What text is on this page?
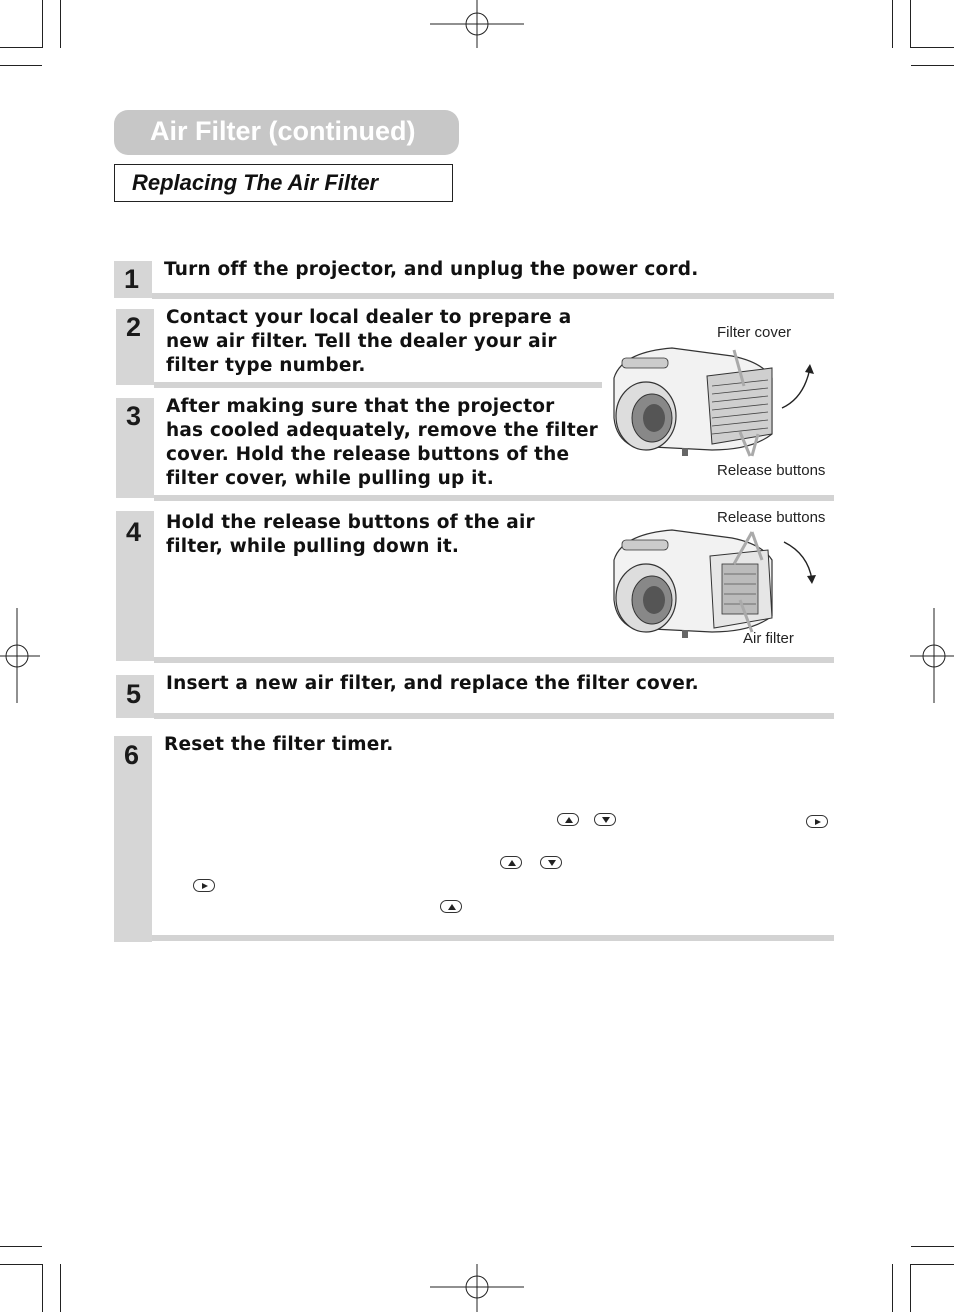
Air Filter (continued)
Replacing The Air Filter
1 Turn off the projector, and unplug the power cord.
2 Contact your local dealer to prepare a new air filter. Tell the dealer your air filter type number.
3 After making sure that the projector has cooled adequately, remove the filter cover. Hold the release buttons of the filter cover, while pulling up it.
Filter cover
Release buttons
4 Hold the release buttons of the air filter, while pulling down it.
Release buttons
Air filter
5 Insert a new air filter, and replace the filter cover.
6 Reset the filter timer.
